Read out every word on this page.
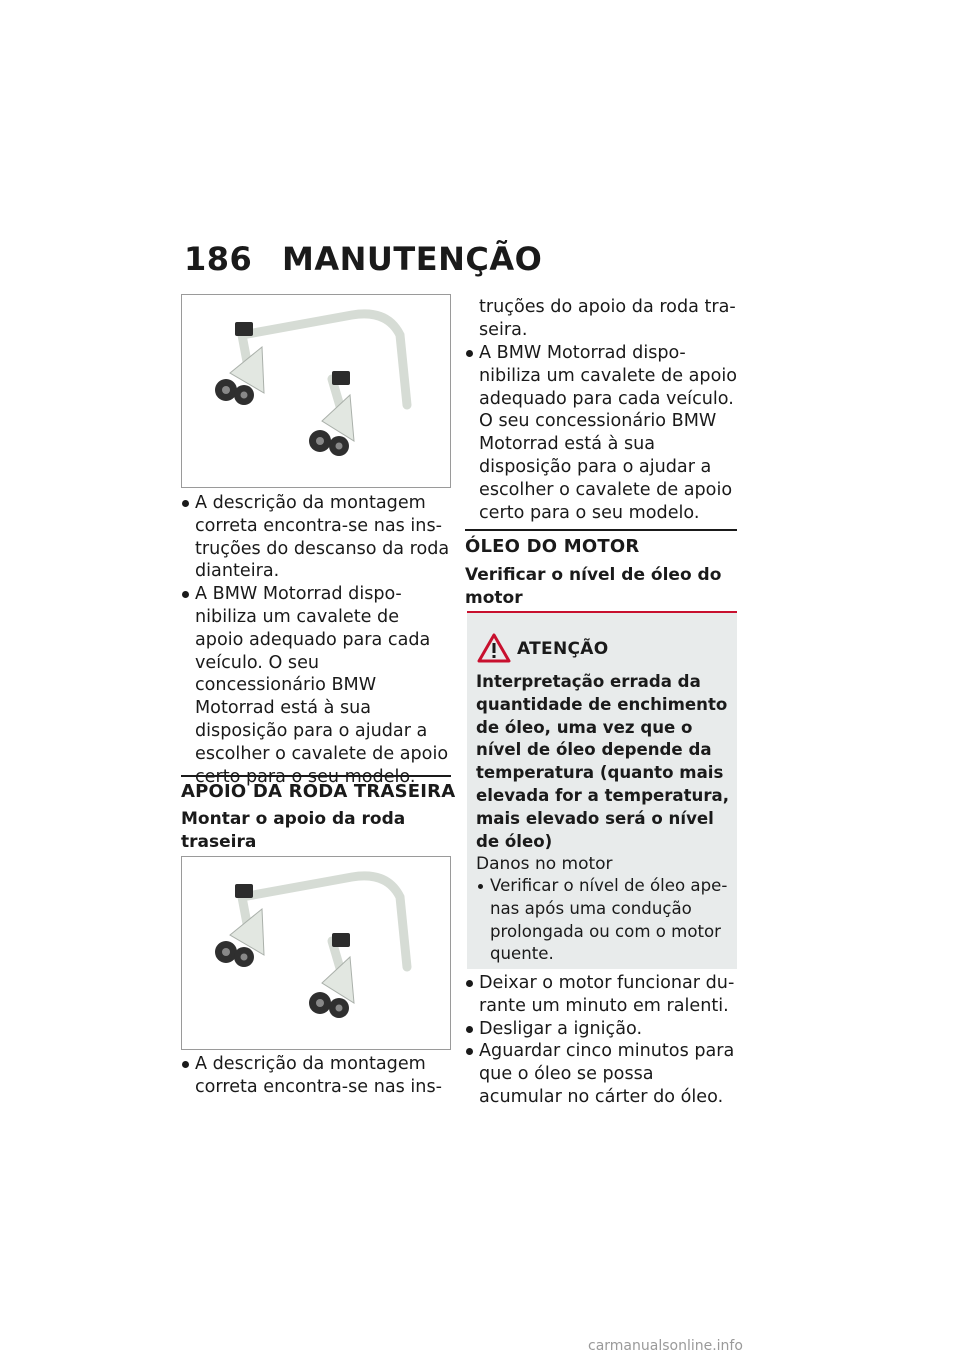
186 MANUTENÇÃO
A descrição da montagem correta encontra-se nas instruções do descanso da roda dianteira.
A BMW Motorrad disponibiliza um cavalete de apoio adequado para cada veículo. O seu concessionário BMW Motorrad está à sua disposição para o ajudar a escolher o cavalete de apoio
APOIO DA RODA TRASEIRA
Montar o apoio da roda traseira
A descrição da montagem correta encontra-se nas ins-
truções do apoio da roda traseira.
A BMW Motorrad disponibiliza um cavalete de apoio adequado para cada veículo. O seu concessionário BMW Motorrad está à sua disposição para o ajudar a escolher o cavalete de apoio certo para o seu modelo.
ÓLEO DO MOTOR
Verificar o nível de óleo do motor
ATENÇÃO
Interpretação errada da quantidade de enchimento de óleo, uma vez que o nível de óleo depende da temperatura (quanto mais elevada for a temperatura, mais elevado será o nível de óleo)
Danos no motor
Verificar o nível de óleo apenas após uma condução prolongada ou com o motor quente.
Deixar o motor funcionar durante um minuto em ralenti.
Desligar a ignição.
Aguardar cinco minutos para que o óleo se possa acumular no cárter do óleo.
carmanualsonline.info
